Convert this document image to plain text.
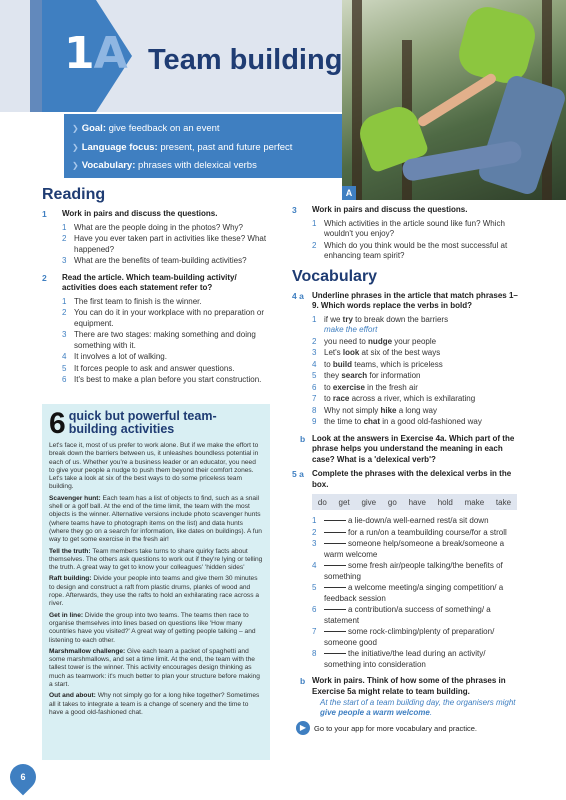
1A Team building
A
❯ Goal: give feedback on an event
❯ Language focus: present, past and future perfect
❯ Vocabulary: phrases with delexical verbs
Reading
1	Work in pairs and discuss the questions.
1 What are the people doing in the photos? Why?
2 Have you ever taken part in activities like these? What happened?
3 What are the benefits of team-building activities?
2	Read the article. Which team-building activity/ activities does each statement refer to?
1 The first team to finish is the winner.
2 You can do it in your workplace with no preparation or equipment.
3 There are two stages: making something and doing something with it.
4 It involves a lot of walking.
5 It forces people to ask and answer questions.
6 It's best to make a plan before you start construction.
6 quick but powerful team-building activities

Let's face it, most of us prefer to work alone. But if we make the effort to break down the barriers between us, it unleashes boundless potential in each of us. Whether you're a business leader or an educator, you need to give your people a nudge to push them beyond their comfort zones. Let's take a look at six of the best ways to do some priceless team building.

Scavenger hunt: Each team has a list of objects to find, such as a snail shell or a golf ball. At the end of the time limit, the team with the most objects is the winner. Alternative versions include photo scavenger hunts (where teams have to photograph items on the list) and data hunts (where they go on a search for information, like dates on buildings). A fun way to get some exercise in the fresh air!

Tell the truth: Team members take turns to share quirky facts about themselves. The others ask questions to work out if they're lying or telling the truth. A great way to get to know your colleagues' 'hidden sides'

Raft building: Divide your people into teams and give them 30 minutes to design and construct a raft from plastic drums, planks of wood and rope. Afterwards, they use the rafts to hold an exhilarating race across a river.

Get in line: Divide the group into two teams. The teams then race to organise themselves into lines based on questions like 'How many countries have you visited?' A great way of getting people talking – and listening to each other.

Marshmallow challenge: Give each team a packet of spaghetti and some marshmallows, and set a time limit. At the end, the team with the tallest tower is the winner. This activity encourages design thinking as much as teamwork: it's much better to plan your structure before making a start.

Out and about: Why not simply go for a long hike together? Sometimes all it takes to integrate a team is a change of scenery and the time to have a good old-fashioned chat.

3	Work in pairs and discuss the questions.
1 Which activities in the article sound like fun? Which wouldn't you enjoy?
2 Which do you think would be the most successful at enhancing team spirit?
Vocabulary
4 a	Underline phrases in the article that match phrases 1–9. Which words replace the verbs in bold?
1 if we try to break down the barriers
make the effort
2 you need to nudge your people
3 Let's look at six of the best ways
4 to build teams, which is priceless
5 they search for information
6 to exercise in the fresh air
7 to race across a river, which is exhilarating
8 Why not simply hike a long way
9 the time to chat in a good old-fashioned way
b Look at the answers in Exercise 4a. Which part of the phrase helps you understand the meaning in each case? What is a 'delexical verb'?
5 a	Complete the phrases with the delexical verbs in the box.
do get give go have hold make take
1	a lie-down/a well-earned rest/a sit down
2	for a run/on a teambuilding course/for a stroll
3	someone help/someone a break/someone a warm welcome
4	some fresh air/people talking/the benefits of something
5	a welcome meeting/a singing competition/ a feedback session
6	a contribution/a success of something/ a statement
7	some rock-climbing/plenty of preparation/ someone good
8	the initiative/the lead during an activity/ something into consideration
b Work in pairs. Think of how some of the phrases in Exercise 5a might relate to team building.
At the start of a team building day, the organisers might give people a warm welcome.
▶	Go to your app for more vocabulary and practice.
6
